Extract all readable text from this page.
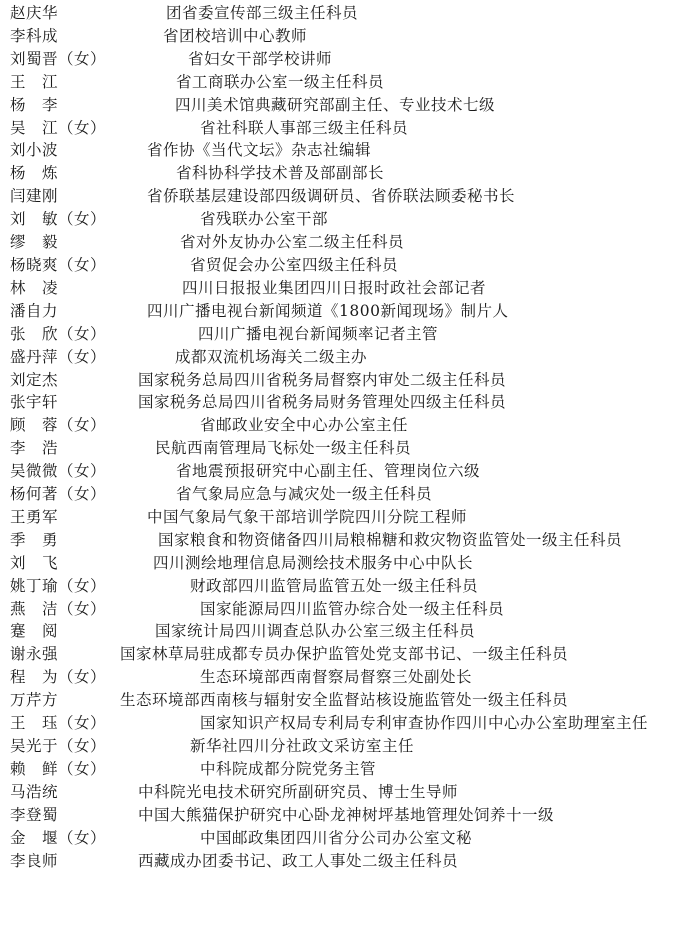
赵庆华	团省委宣传部三级主任科员
李科成	省团校培训中心教师
刘蜀晋（女）	省妇女干部学校讲师
王　江	省工商联办公室一级主任科员
杨　李	四川美术馆典藏研究部副主任、专业技术七级
吴　江（女）	省社科联人事部三级主任科员
刘小波	省作协《当代文坛》杂志社编辑
杨　炼	省科协科学技术普及部副部长
闫建刚	省侨联基层建设部四级调研员、省侨联法顾委秘书长
刘　敏（女）	省残联办公室干部
缪　毅	省对外友协办公室二级主任科员
杨晓爽（女）	省贸促会办公室四级主任科员
林　凌	四川日报报业集团四川日报时政社会部记者
潘自力	四川广播电视台新闻频道《1800新闻现场》制片人
张　欣（女）	四川广播电视台新闻频率记者主管
盛丹萍（女）	成都双流机场海关二级主办
刘定杰	国家税务总局四川省税务局督察内审处二级主任科员
张宇轩	国家税务总局四川省税务局财务管理处四级主任科员
顾　蓉（女）	省邮政业安全中心办公室主任
李　浩	民航西南管理局飞标处一级主任科员
吴微微（女）	省地震预报研究中心副主任、管理岗位六级
杨何著（女）	省气象局应急与减灾处一级主任科员
王勇军	中国气象局气象干部培训学院四川分院工程师
季　勇	国家粮食和物资储备四川局粮棉糖和救灾物资监管处一级主任科员
刘　飞	四川测绘地理信息局测绘技术服务中心中队长
姚丁瑜（女）	财政部四川监管局监管五处一级主任科员
燕　洁（女）	国家能源局四川监管办综合处一级主任科员
蹇　阅	国家统计局四川调查总队办公室三级主任科员
谢永强	国家林草局驻成都专员办保护监管处党支部书记、一级主任科员
程　为（女）	生态环境部西南督察局督察三处副处长
万芹方	生态环境部西南核与辐射安全监督站核设施监管处一级主任科员
王　珏（女）	国家知识产权局专利局专利审查协作四川中心办公室助理室主任
吴光于（女）	新华社四川分社政文采访室主任
赖　鲜（女）	中科院成都分院党务主管
马浩统	中科院光电技术研究所副研究员、博士生导师
李登蜀	中国大熊猫保护研究中心卧龙神树坪基地管理处饲养十一级
金　堰（女）	中国邮政集团四川省分公司办公室文秘
李良师	西藏成办团委书记、政工人事处二级主任科员
